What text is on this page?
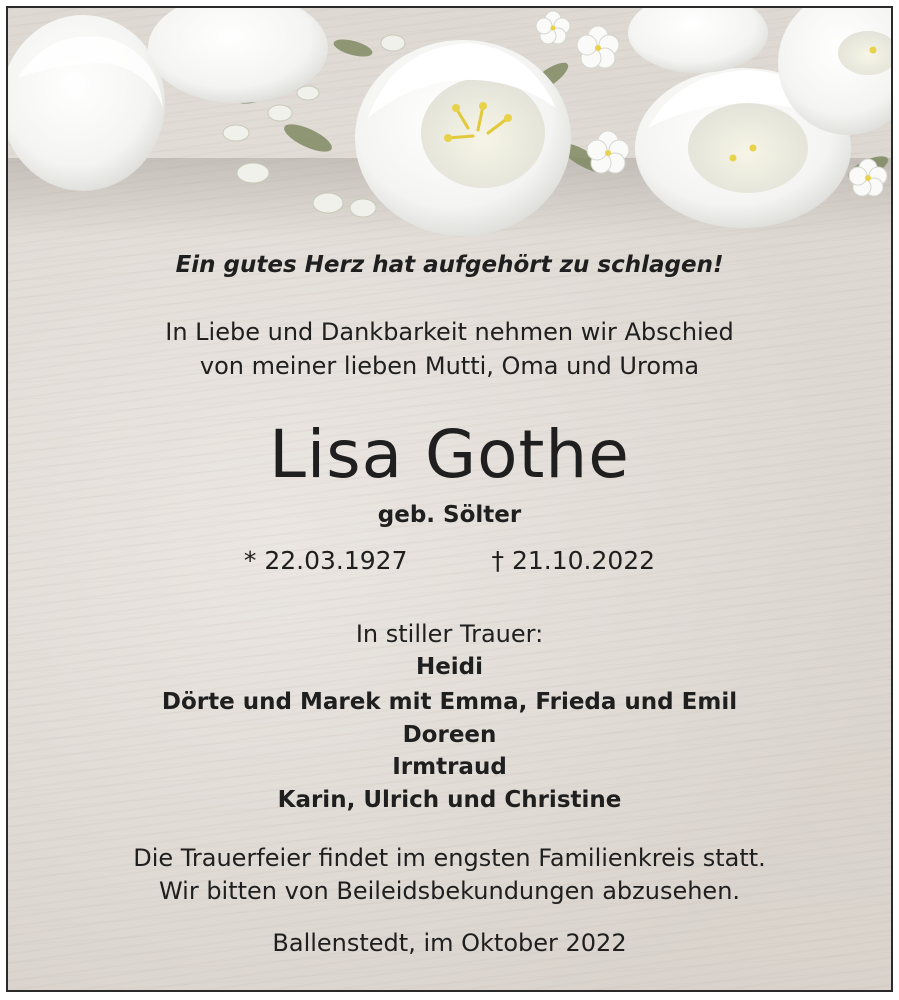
Ein gutes Herz hat aufgehört zu schlagen!
In Liebe und Dankbarkeit nehmen wir Abschied
von meiner lieben Mutti, Oma und Uroma
Lisa Gothe
geb. Sölter
* 22.03.1927	† 21.10.2022
In stiller Trauer:
Heidi
Dörte und Marek mit Emma, Frieda und Emil
Doreen
Irmtraud
Karin, Ulrich und Christine
Die Trauerfeier findet im engsten Familienkreis statt.
Wir bitten von Beileidsbekundungen abzusehen.
Ballenstedt, im Oktober 2022
